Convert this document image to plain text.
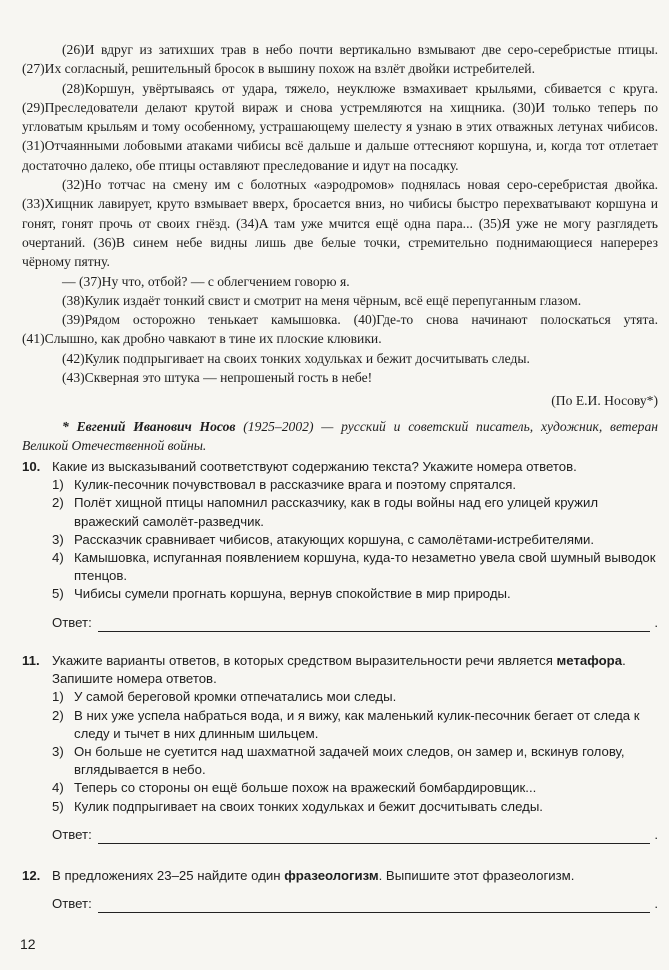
(26)И вдруг из затихших трав в небо почти вертикально взмывают две серо-серебристые птицы. (27)Их согласный, решительный бросок в вышину похож на взлёт двойки истребителей.

(28)Коршун, увёртываясь от удара, тяжело, неуклюже взмахивает крыльями, сбивается с круга. (29)Преследователи делают крутой вираж и снова устремляются на хищника. (30)И только теперь по угловатым крыльям и тому особенному, устрашающему шелесту я узнаю в этих отважных летунах чибисов. (31)Отчаянными лобовыми атаками чибисы всё дальше и дальше оттесняют коршуна, и, когда тот отлетает достаточно далеко, обе птицы оставляют преследование и идут на посадку.

(32)Но тотчас на смену им с болотных «аэродромов» поднялась новая серо-серебристая двойка. (33)Хищник лавирует, круто взмывает вверх, бросается вниз, но чибисы быстро перехватывают коршуна и гонят, гонят прочь от своих гнёзд. (34)А там уже мчится ещё одна пара... (35)Я уже не могу разглядеть очертаний. (36)В синем небе видны лишь две белые точки, стремительно поднимающиеся наперерез чёрному пятну.

— (37)Ну что, отбой? — с облегчением говорю я.

(38)Кулик издаёт тонкий свист и смотрит на меня чёрным, всё ещё перепуганным глазом.

(39)Рядом осторожно тенькает камышовка. (40)Где-то снова начинают полоскаться утята. (41)Слышно, как дробно чавкают в тине их плоские клювики.

(42)Кулик подпрыгивает на своих тонких ходульках и бежит досчитывать следы.

(43)Скверная это штука — непрошеный гость в небе!

(По Е.И. Носову*)
* Евгений Иванович Носов (1925–2002) — русский и советский писатель, художник, ветеран Великой Отечественной войны.
10. Какие из высказываний соответствуют содержанию текста? Укажите номера ответов.

1) Кулик-песочник почувствовал в рассказчике врага и поэтому спрятался.

2) Полёт хищной птицы напомнил рассказчику, как в годы войны над его улицей кружил вражеский самолёт-разведчик.

3) Рассказчик сравнивает чибисов, атакующих коршуна, с самолётами-истребителями.

4) Камышовка, испуганная появлением коршуна, куда-то незаметно увела свой шумный выводок птенцов.

5) Чибисы сумели прогнать коршуна, вернув спокойствие в мир природы.

Ответ:	.
11. Укажите варианты ответов, в которых средством выразительности речи является метафора. Запишите номера ответов.

1) У самой береговой кромки отпечатались мои следы.

2) В них уже успела набраться вода, и я вижу, как маленький кулик-песочник бегает от следа к следу и тычет в них длинным шильцем.

3) Он больше не суетится над шахматной задачей моих следов, он замер и, вскинув голову, вглядывается в небо.

4) Теперь со стороны он ещё больше похож на вражеский бомбардировщик...

5) Кулик подпрыгивает на своих тонких ходульках и бежит досчитывать следы.

Ответ:	.
12. В предложениях 23–25 найдите один фразеологизм. Выпишите этот фразеологизм.

Ответ:	.
12
